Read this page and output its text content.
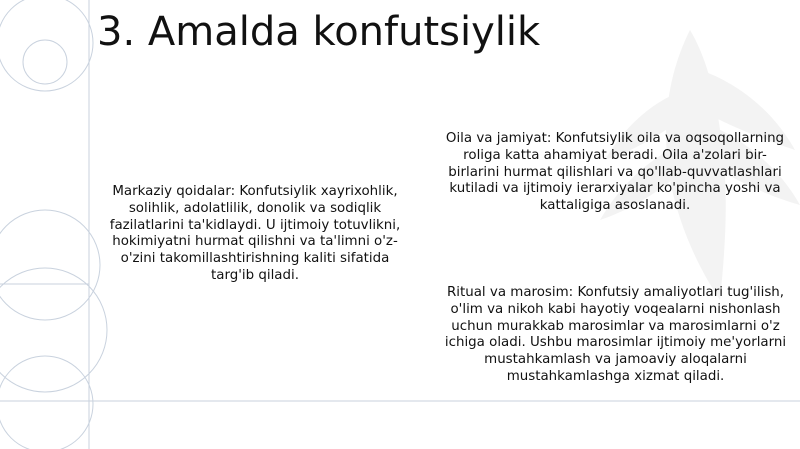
3. Amalda konfutsiylik

Markaziy qoidalar: Konfutsiylik xayrixohlik, solihlik, adolatlilik, donolik va sodiqlik fazilatlarini ta'kidlaydi. U ijtimoiy totuvlikni, hokimiyatni hurmat qilishni va ta'limni o'z-o'zini takomillashtirishning kaliti sifatida targ'ib qiladi.

Oila va jamiyat: Konfutsiylik oila va oqsoqollarning roliga katta ahamiyat beradi. Oila a'zolari bir-birlarini hurmat qilishlari va qo'llab-quvvatlashlari kutiladi va ijtimoiy ierarxiyalar ko'pincha yoshi va kattaligiga asoslanadi.

Ritual va marosim: Konfutsiy amaliyotlari tug'ilish, o'lim va nikoh kabi hayotiy voqealarni nishonlash uchun murakkab marosimlar va marosimlarni o'z ichiga oladi. Ushbu marosimlar ijtimoiy me'yorlarni mustahkamlash va jamoaviy aloqalarni mustahkamlashga xizmat qiladi.
